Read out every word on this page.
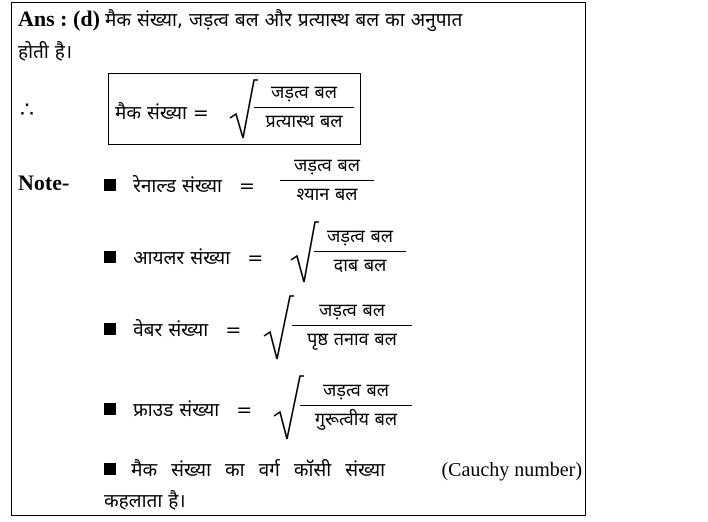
Ans : (d) मैक संख्या, जड़त्व बल और प्रत्यास्थ बल का अनुपात
होती है।
∴	मैक संख्या =
जड़त्व बल
प्रत्यास्थ बल
Note-	रेनाल्ड संख्या =
जड़त्व बल
श्यान बल
आयलर संख्या =
जड़त्व बल
दाब बल
वेबर संख्या =
जड़त्व बल
पृष्ठ तनाव बल
फ्राउड संख्या =
जड़त्व बल
गुरूत्वीय बल
मैक संख्या का वर्ग कॉसी संख्या	(Cauchy number)
कहलाता है।
